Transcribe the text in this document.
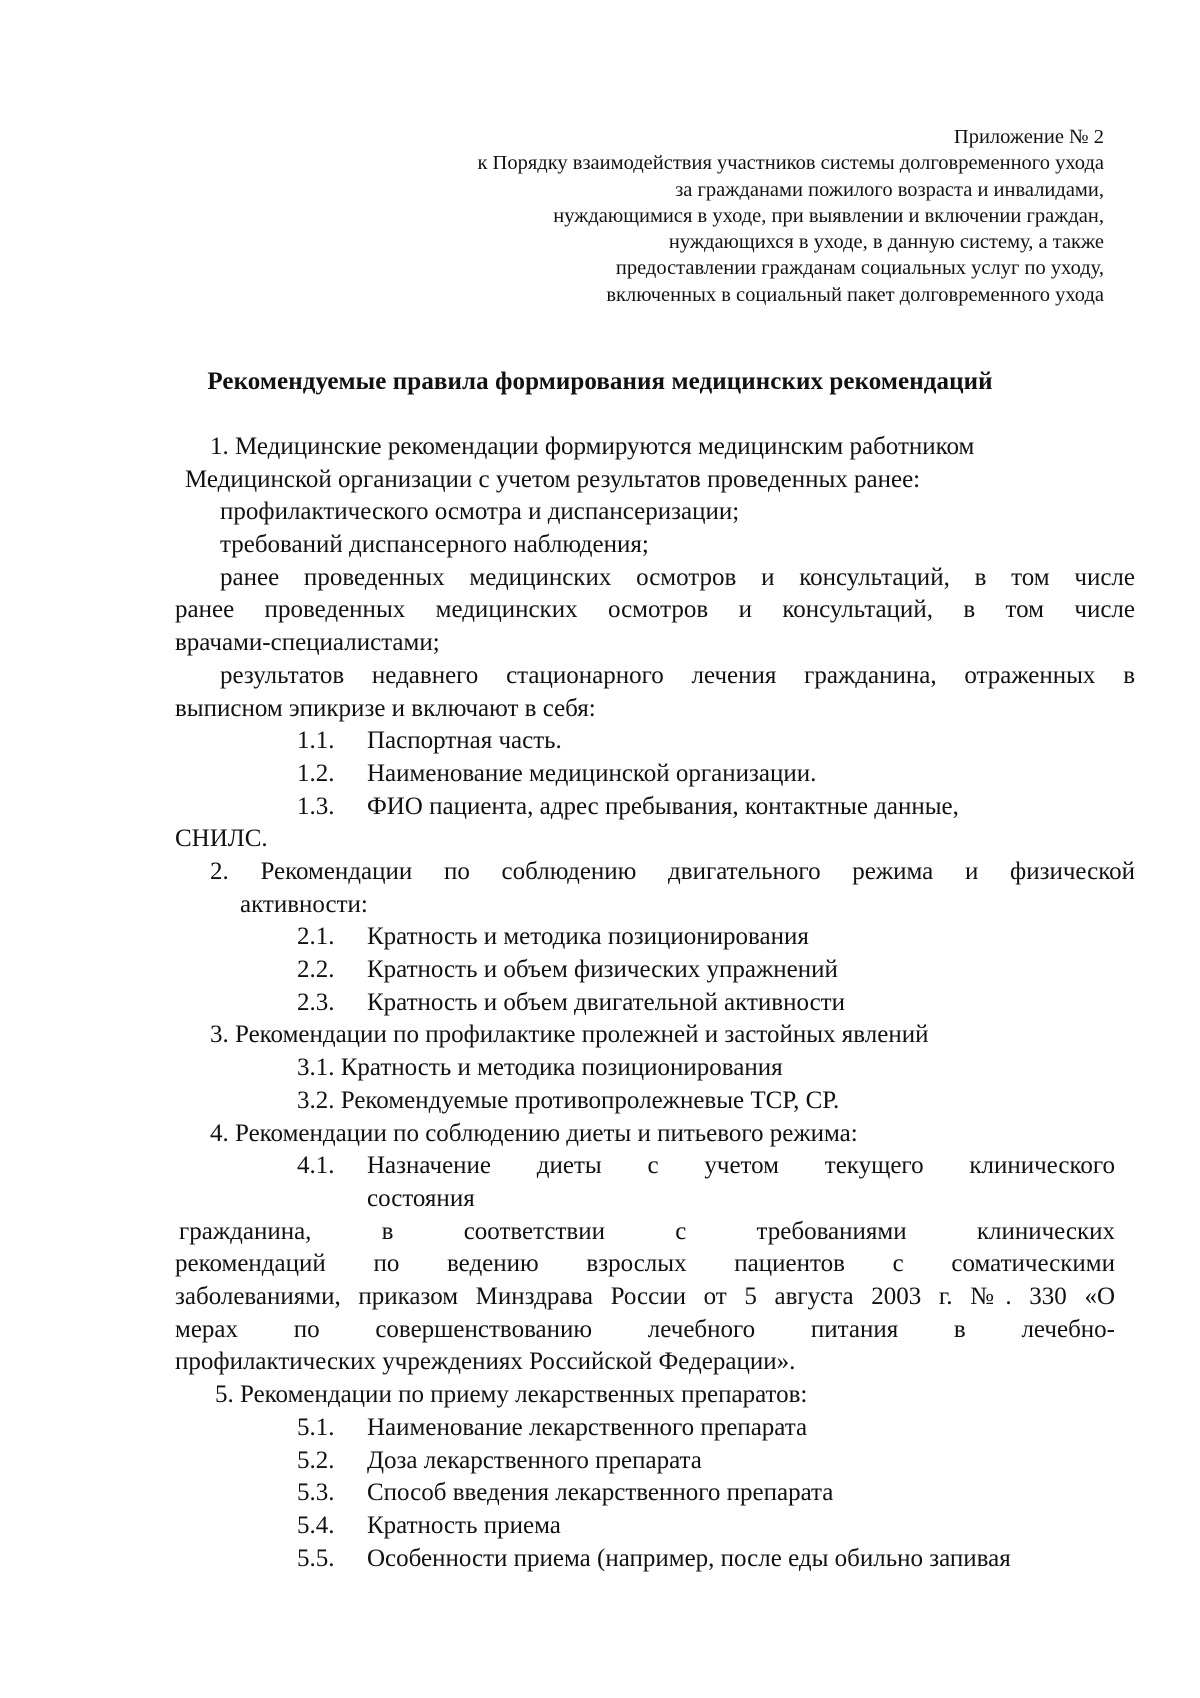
Приложение № 2
к Порядку взаимодействия участников системы долговременного ухода
за гражданами пожилого возраста и инвалидами,
нуждающимися в уходе, при выявлении и включении граждан,
нуждающихся в уходе, в данную систему, а также
предоставлении гражданам социальных услуг по уходу,
включенных в социальный пакет долговременного ухода
Рекомендуемые правила формирования медицинских рекомендаций
1. Медицинские рекомендации формируются медицинским работником
Медицинской организации с учетом результатов проведенных ранее:
профилактического осмотра и диспансеризации;
требований диспансерного наблюдения;
ранее проведенных медицинских осмотров и консультаций, в том числе
ранее проведенных медицинских осмотров и консультаций, в том числе
врачами-специалистами;
результатов недавнего стационарного лечения гражданина, отраженных в
выписном эпикризе и включают в себя:
1.1. Паспортная часть.
1.2. Наименование медицинской организации.
1.3. ФИО пациента, адрес пребывания, контактные данные,
СНИЛС.
2. Рекомендации по соблюдению двигательного режима и физической
активности:
2.1. Кратность и методика позиционирования
2.2. Кратность и объем физических упражнений
2.3. Кратность и объем двигательной активности
3. Рекомендации по профилактике пролежней и застойных явлений
3.1. Кратность и методика позиционирования
3.2. Рекомендуемые противопролежневые ТСР, СР.
4. Рекомендации по соблюдению диеты и питьевого режима:
4.1. Назначение диеты с учетом текущего клинического
состояния
гражданина, в соответствии с требованиями клинических
рекомендаций по ведению взрослых пациентов с соматическими
заболеваниями, приказом Минздрава России от 5 августа 2003 г. №. 330 «О
мерах по совершенствованию лечебного питания в лечебно-
профилактических учреждениях Российской Федерации».
5. Рекомендации по приему лекарственных препаратов:
5.1. Наименование лекарственного препарата
5.2. Доза лекарственного препарата
5.3. Способ введения лекарственного препарата
5.4. Кратность приема
5.5. Особенности приема (например, после еды обильно запивая
